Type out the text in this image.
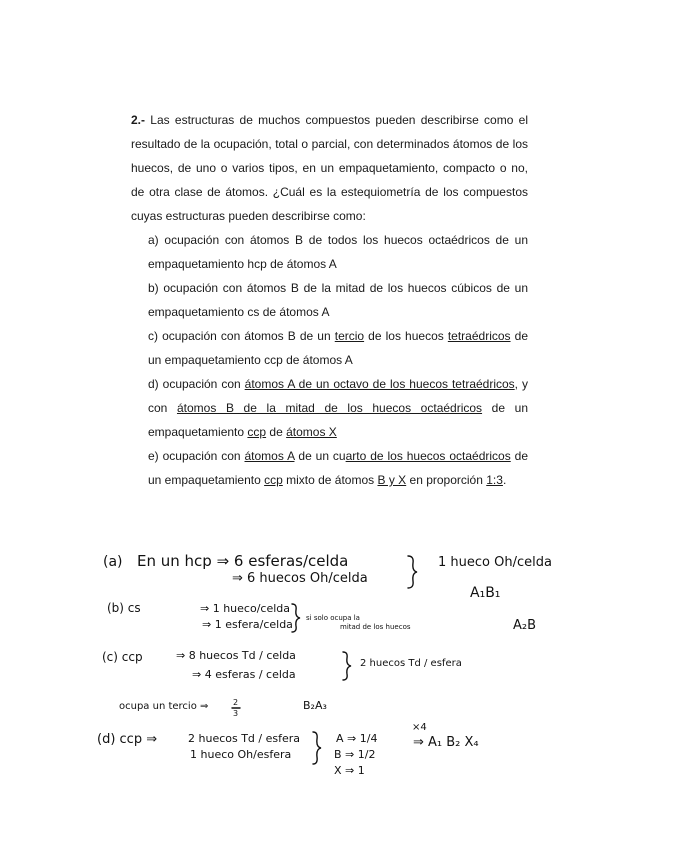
2.- Las estructuras de muchos compuestos pueden describirse como el resultado de la ocupación, total o parcial, con determinados átomos de los huecos, de uno o varios tipos, en un empaquetamiento, compacto o no, de otra clase de átomos. ¿Cuál es la estequiometría de los compuestos cuyas estructuras pueden describirse como:

a) ocupación con átomos B de todos los huecos octaédricos de un empaquetamiento hcp de átomos A

b) ocupación con átomos B de la mitad de los huecos cúbicos de un empaquetamiento cs de átomos A

c) ocupación con átomos B de un tercio de los huecos tetraédricos de un empaquetamiento ccp de átomos A

d) ocupación con átomos A de un octavo de los huecos tetraédricos, y con átomos B de la mitad de los huecos octaédricos de un empaquetamiento ccp de átomos X

e) ocupación con átomos A de un cuarto de los huecos octaédricos de un empaquetamiento ccp mixto de átomos B y X en proporción 1:3.

(a) En un hcp ⇒ 6 esferas/celda
⇒ 6 huecos Oh/celda
1 hueco Oh/celda
A₁B₁
(b) cs	⇒ 1 hueco/celda
⇒ 1 esfera/celda si solo ocupa la
mitad de los huecos	A₂B
(c) ccp	⇒ 8 huecos Td / celda
⇒ 4 esferas / celda
2 huecos Td / esfera
ocupa un tercio ⇒	2
3
B₂A₃
(d) ccp ⇒	2 huecos Td / esfera
1 hueco Oh/esfera
A ⇒ 1/4
B ⇒ 1/2
X ⇒ 1
×4
⇒ A₁ B₂ X₄
